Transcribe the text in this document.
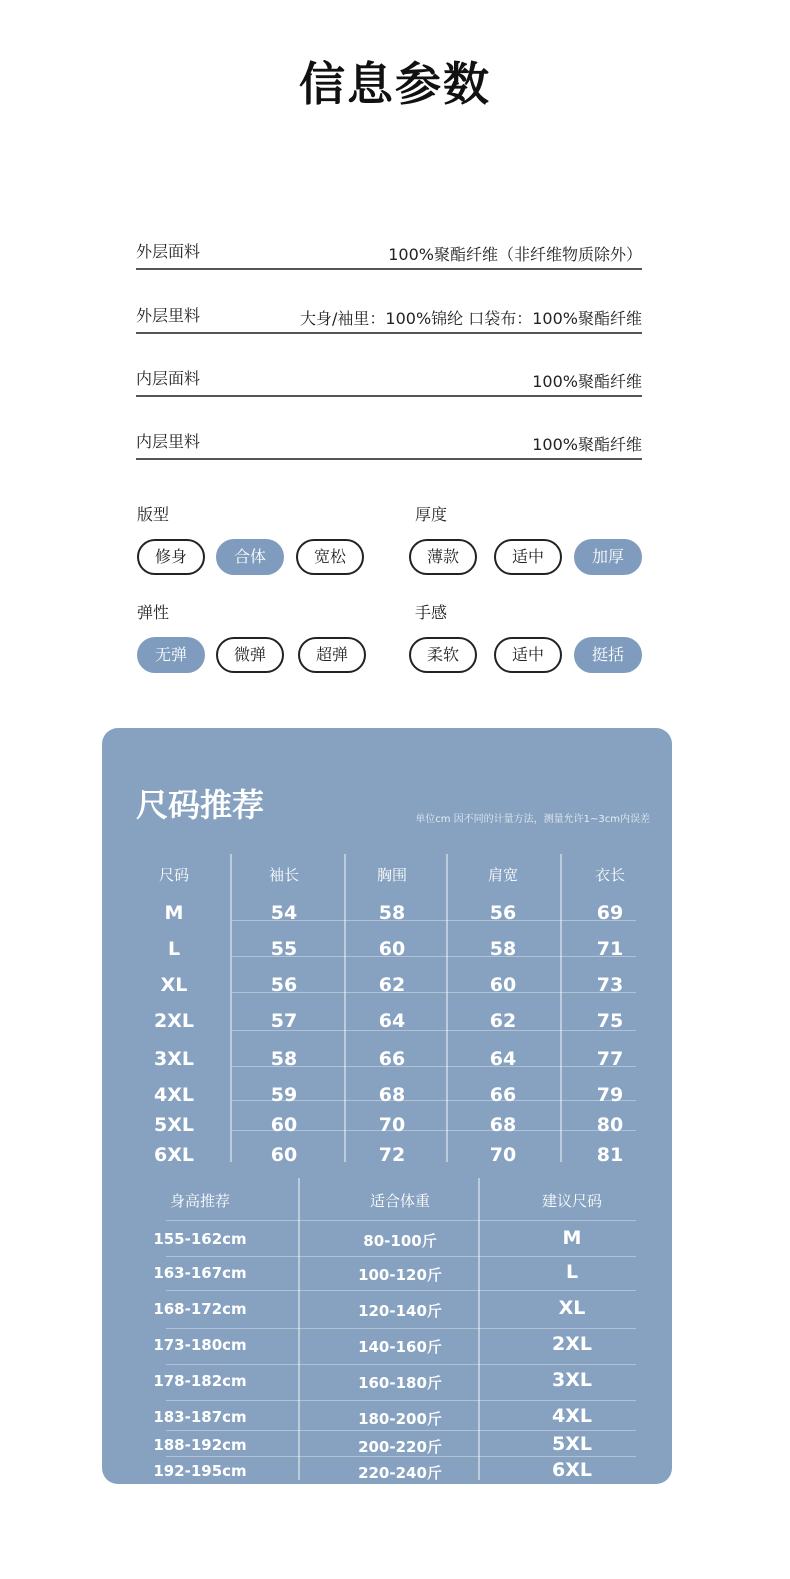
信息参数
外层面料	100%聚酯纤维（非纤维物质除外）
外层里料	大身/袖里：100%锦纶 口袋布：100%聚酯纤维
内层面料	100%聚酯纤维
内层里料	100%聚酯纤维
版型
修身	合体	宽松
厚度
薄款	适中	加厚
弹性
无弹	微弹	超弹
手感
柔软	适中	挺括
尺码推荐	单位cm 因不同的计量方法，测量允许1~3cm内误差
尺码	袖长	胸围	肩宽	衣长
M	54	58	56	69
L	55	60	58	71
XL	56	62	60	73
2XL	57	64	62	75
3XL	58	66	64	77
4XL	59	68	66	79
5XL	60	70	68	80
6XL	60	72	70	81
身高推荐	适合体重	建议尺码
155-162cm	80-100斤	M
163-167cm	100-120斤	L
168-172cm	120-140斤	XL
173-180cm	140-160斤	2XL
178-182cm	160-180斤	3XL
183-187cm	180-200斤	4XL
188-192cm	200-220斤	5XL
192-195cm	220-240斤	6XL
